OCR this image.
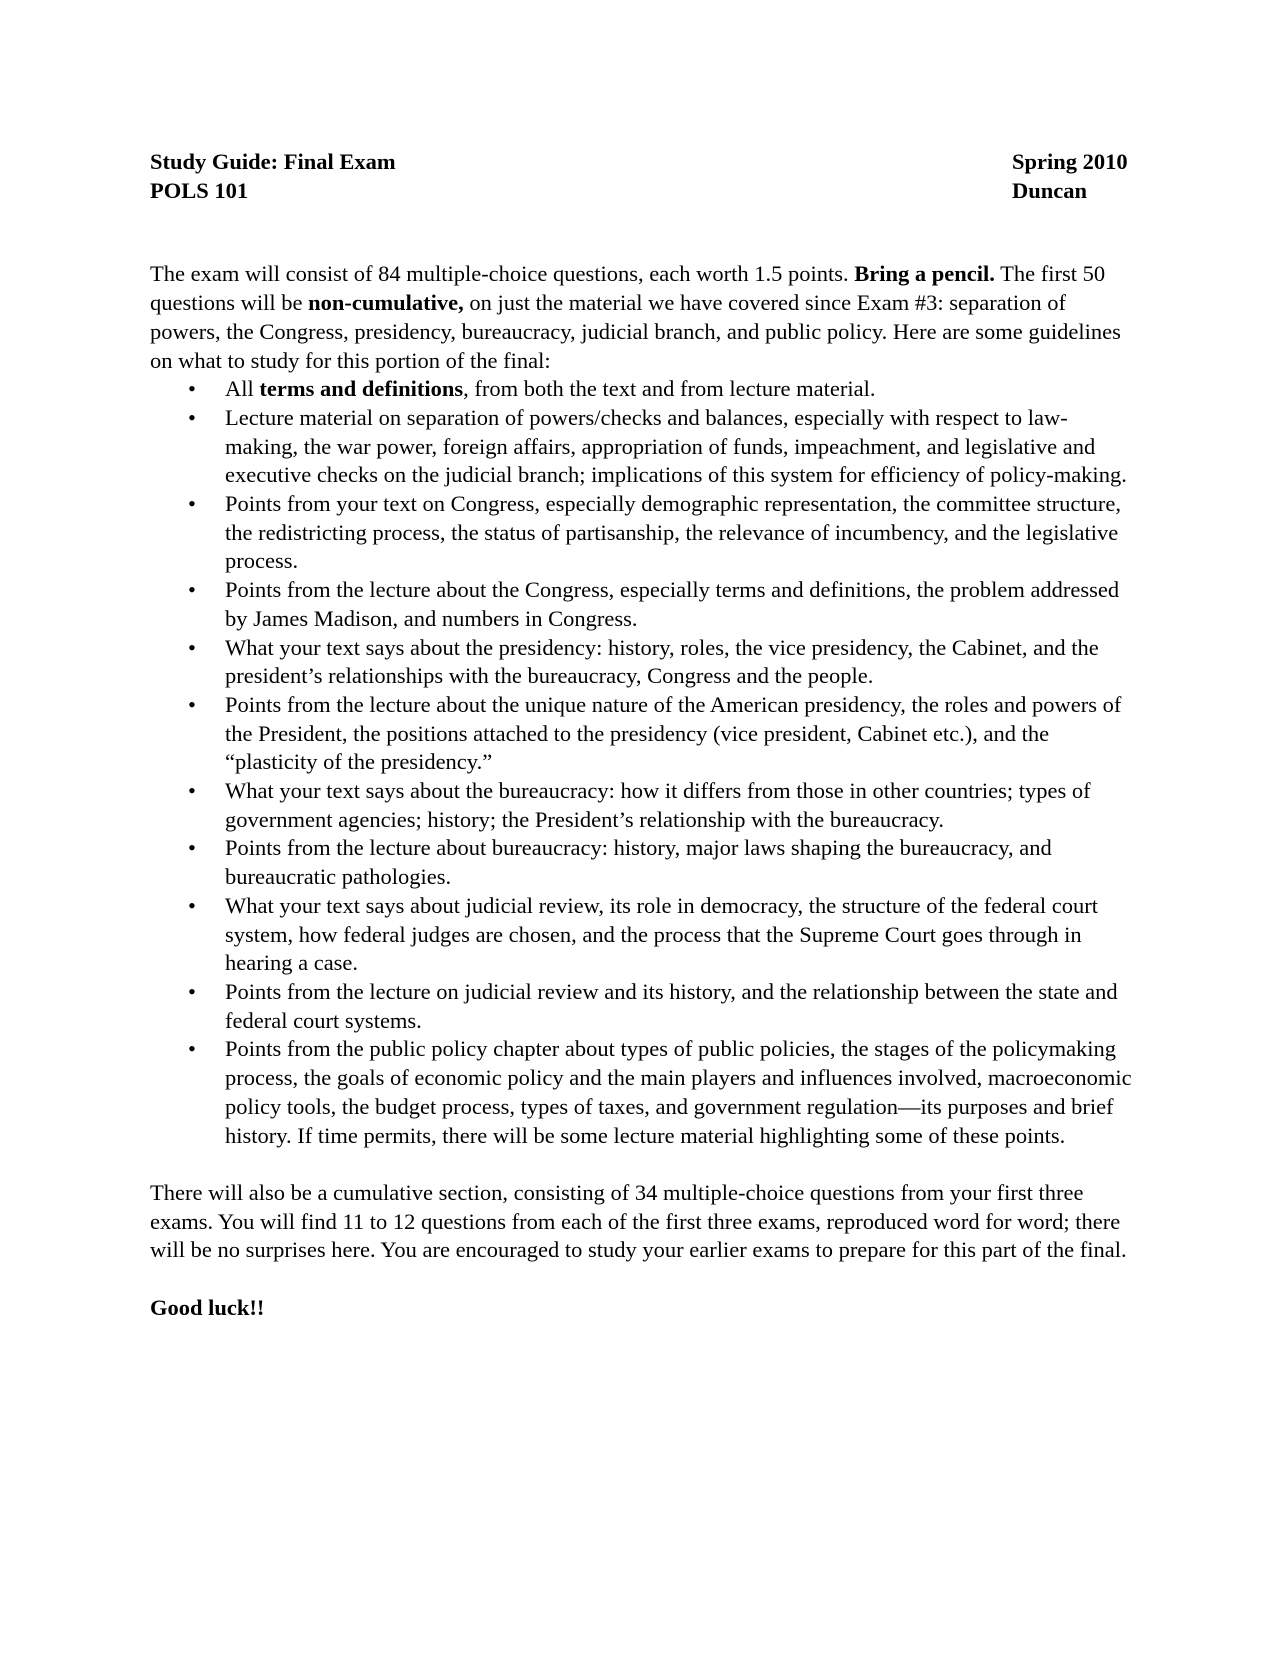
Study Guide: Final Exam	Spring 2010
POLS 101	Duncan

The exam will consist of 84 multiple-choice questions, each worth 1.5 points. Bring a pencil. The first 50 questions will be non-cumulative, on just the material we have covered since Exam #3: separation of powers, the Congress, presidency, bureaucracy, judicial branch, and public policy. Here are some guidelines on what to study for this portion of the final:

• All terms and definitions, from both the text and from lecture material.
• Lecture material on separation of powers/checks and balances, especially with respect to law-making, the war power, foreign affairs, appropriation of funds, impeachment, and legislative and executive checks on the judicial branch; implications of this system for efficiency of policy-making.
• Points from your text on Congress, especially demographic representation, the committee structure, the redistricting process, the status of partisanship, the relevance of incumbency, and the legislative process.
• Points from the lecture about the Congress, especially terms and definitions, the problem addressed by James Madison, and numbers in Congress.
• What your text says about the presidency: history, roles, the vice presidency, the Cabinet, and the president’s relationships with the bureaucracy, Congress and the people.
• Points from the lecture about the unique nature of the American presidency, the roles and powers of the President, the positions attached to the presidency (vice president, Cabinet etc.), and the “plasticity of the presidency.”
• What your text says about the bureaucracy: how it differs from those in other countries; types of government agencies; history; the President’s relationship with the bureaucracy.
• Points from the lecture about bureaucracy: history, major laws shaping the bureaucracy, and bureaucratic pathologies.
• What your text says about judicial review, its role in democracy, the structure of the federal court system, how federal judges are chosen, and the process that the Supreme Court goes through in hearing a case.
• Points from the lecture on judicial review and its history, and the relationship between the state and federal court systems.
• Points from the public policy chapter about types of public policies, the stages of the policymaking process, the goals of economic policy and the main players and influences involved, macroeconomic policy tools, the budget process, types of taxes, and government regulation—its purposes and brief history. If time permits, there will be some lecture material highlighting some of these points.

There will also be a cumulative section, consisting of 34 multiple-choice questions from your first three exams. You will find 11 to 12 questions from each of the first three exams, reproduced word for word; there will be no surprises here. You are encouraged to study your earlier exams to prepare for this part of the final.

Good luck!!
